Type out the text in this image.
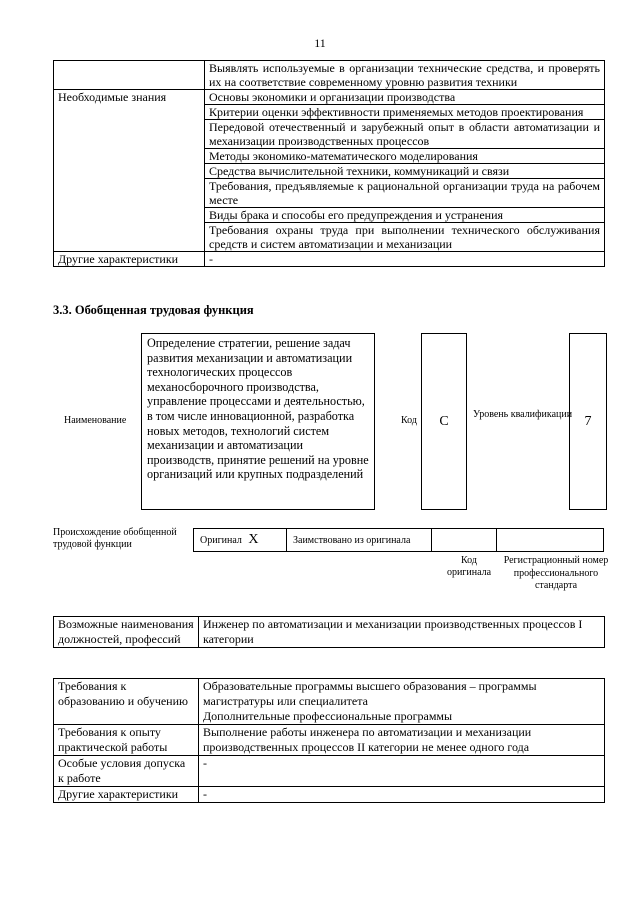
11
	Выявлять используемые в организации технические средства, и проверять их на соответствие современному уровню развития техники
Необходимые знания	Основы экономики и организации производства
	Критерии оценки эффективности применяемых методов проектирования
	Передовой отечественный и зарубежный опыт в области автоматизации и механизации производственных процессов
	Методы экономико-математического моделирования
	Средства вычислительной техники, коммуникаций и связи
	Требования, предъявляемые к рациональной организации труда на рабочем месте
	Виды брака и способы его предупреждения и устранения
	Требования охраны труда при выполнении технического обслуживания средств и систем автоматизации и механизации
Другие характеристики	-
3.3. Обобщенная трудовая функция
Наименование
Определение стратегии, решение задач развития механизации и автоматизации технологических процессов механосборочного производства, управление процессами и деятельностью, в том числе инновационной, разработка новых методов, технологий систем механизации и автоматизации производств, принятие решений на уровне организаций или крупных подразделений
Код	C	Уровень квалификации 7
Происхождение обобщенной трудовой функции	Оригинал X	Заимствовано из оригинала		
Код оригинала
Регистрационный номер профессионального стандарта
Возможные наименования должностей, профессий	Инженер по автоматизации и механизации производственных процессов I категории
Требования к образованию и обучению	Образовательные программы высшего образования – программы магистратуры или специалитета
Дополнительные профессиональные программы

Требования к опыту практической работы	Выполнение работы инженера по автоматизации и механизации производственных процессов II категории не менее одного года
Особые условия допуска к работе	-
Другие характеристики	-
